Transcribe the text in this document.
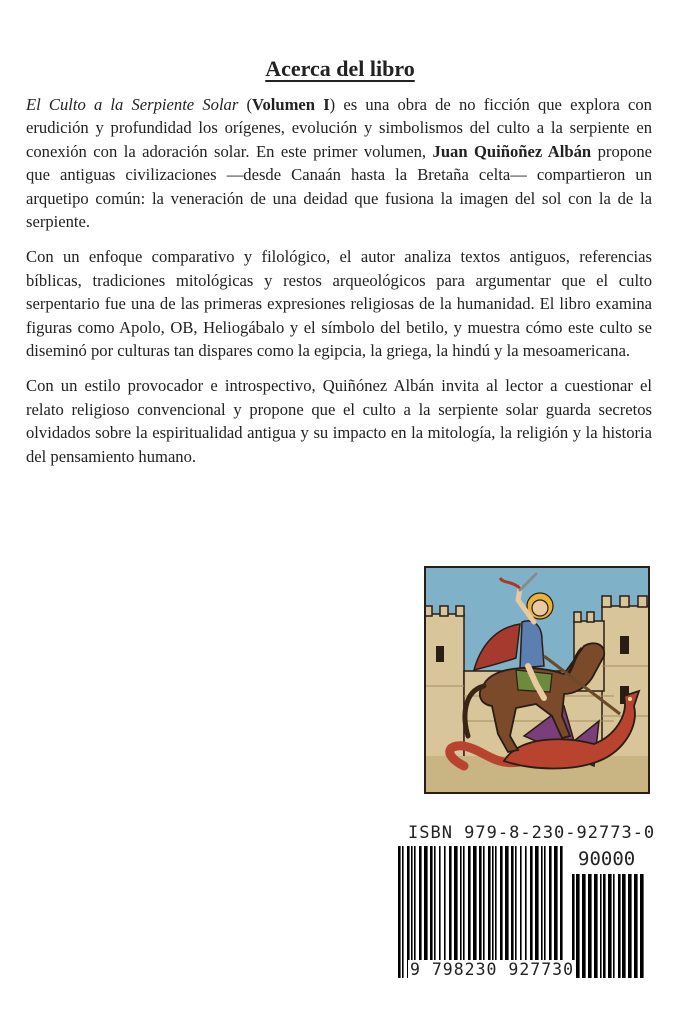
Acerca del libro

El Culto a la Serpiente Solar (Volumen I) es una obra de no ficción que explora con erudición y profundidad los orígenes, evolución y simbolismos del culto a la serpiente en conexión con la adoración solar. En este primer volumen, Juan Quiñoñez Albán propone que antiguas civilizaciones —desde Canaán hasta la Bretaña celta— compartieron un arquetipo común: la veneración de una deidad que fusiona la imagen del sol con la de la serpiente.

Con un enfoque comparativo y filológico, el autor analiza textos antiguos, referencias bíblicas, tradiciones mitológicas y restos arqueológicos para argumentar que el culto serpentario fue una de las primeras expresiones religiosas de la humanidad. El libro examina figuras como Apolo, OB, Heliogábalo y el símbolo del betilo, y muestra cómo este culto se diseminó por culturas tan dispares como la egipcia, la griega, la hindú y la mesoamericana.

Con un estilo provocador e introspectivo, Quiñónez Albán invita al lector a cuestionar el relato religioso convencional y propone que el culto a la serpiente solar guarda secretos olvidados sobre la espiritualidad antigua y su impacto en la mitología, la religión y la historia del pensamiento humano.

ISBN 979-8-230-92773-0
90000
9 798230 927730
